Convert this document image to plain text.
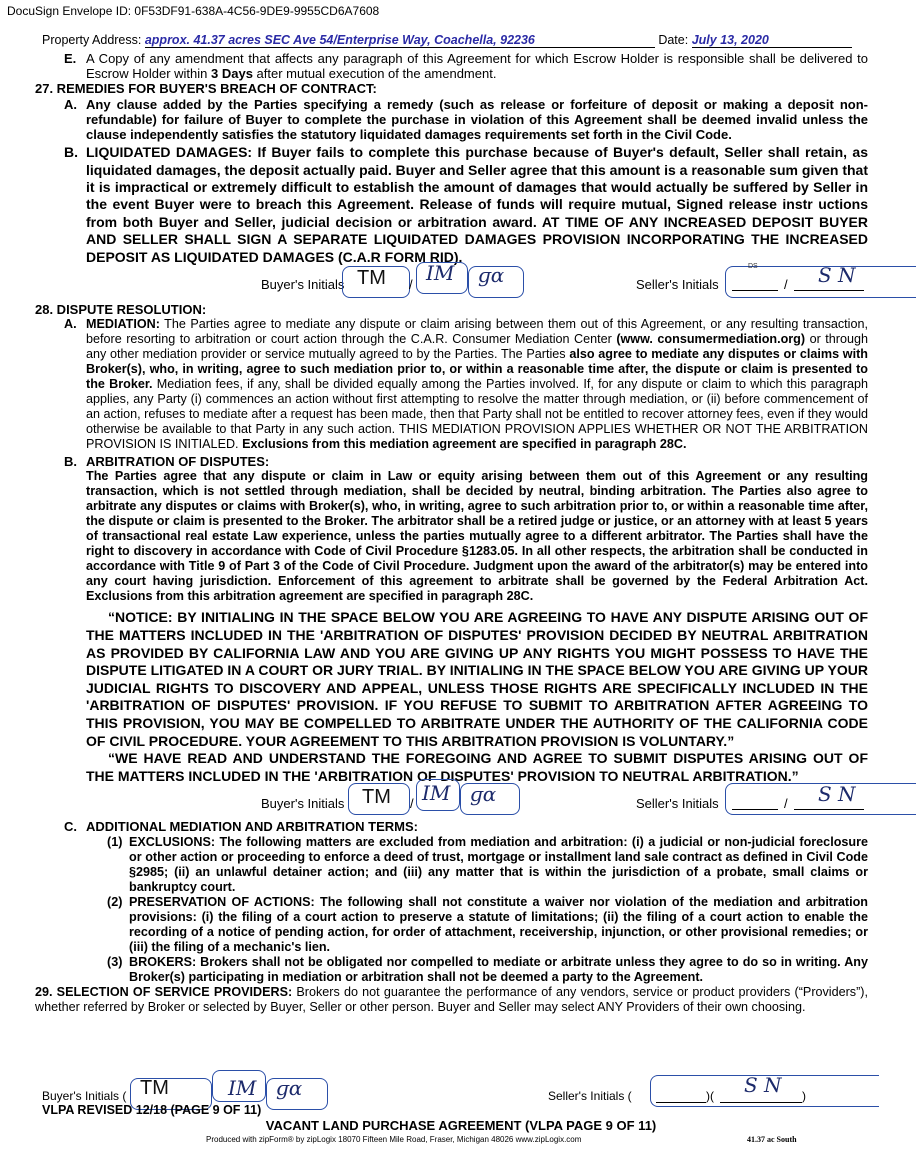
DocuSign Envelope ID: 0F53DF91-638A-4C56-9DE9-9955CD6A7608
Property Address: approx. 41.37 acres SEC Ave 54/Enterprise Way, Coachella, 92236	Date: July 13, 2020

E. A Copy of any amendment that affects any paragraph of this Agreement for which Escrow Holder is responsible shall be delivered to Escrow Holder within 3 Days after mutual execution of the amendment.

27. REMEDIES FOR BUYER'S BREACH OF CONTRACT:

A. Any clause added by the Parties specifying a remedy (such as release or forfeiture of deposit or making a deposit non-refundable) for failure of Buyer to complete the purchase in violation of this Agreement shall be deemed invalid unless the clause independently satisfies the statutory liquidated damages requirements set forth in the Civil Code.

B. LIQUIDATED DAMAGES: If Buyer fails to complete this purchase because of Buyer's default, Seller shall retain, as liquidated damages, the deposit actually paid. Buyer and Seller agree that this amount is a reasonable sum given that it is impractical or extremely difficult to establish the amount of damages that would actually be suffered by Seller in the event Buyer were to breach this Agreement. Release of funds will require mutual, Signed release instr uctions from both Buyer and Seller, judicial decision or arbitration award. AT TIME OF ANY INCREASED DEPOSIT BUYER AND SELLER SHALL SIGN A SEPARATE LIQUIDATED DAMAGES PROVISION INCORPORATING THE INCREASED DEPOSIT AS LIQUIDATED DAMAGES (C.A.R FORM RID).

Buyer's Initials TM / IM ɡɑ	Seller's Initials
DS
/ S N

28. DISPUTE RESOLUTION:

A. MEDIATION: The Parties agree to mediate any dispute or claim arising between them out of this Agreement, or any resulting transaction, before resorting to arbitration or court action through the C.A.R. Consumer Mediation Center (www. consumermediation.org) or through any other mediation provider or service mutually agreed to by the Parties. The Parties also agree to mediate any disputes or claims with Broker(s), who, in writing, agree to such mediation prior to, or within a reasonable time after, the dispute or claim is presented to the Broker. Mediation fees, if any, shall be divided equally among the Parties involved. If, for any dispute or claim to which this paragraph applies, any Party (i) commences an action without first attempting to resolve the matter through mediation, or (ii) before commencement of an action, refuses to mediate after a request has been made, then that Party shall not be entitled to recover attorney fees, even if they would otherwise be available to that Party in any such action. THIS MEDIATION PROVISION APPLIES WHETHER OR NOT THE ARBITRATION PROVISION IS INITIALED. Exclusions from this mediation agreement are specified in paragraph 28C.

B. ARBITRATION OF DISPUTES:

The Parties agree that any dispute or claim in Law or equity arising between them out of this Agreement or any resulting transaction, which is not settled through mediation, shall be decided by neutral, binding arbitration. The Parties also agree to arbitrate any disputes or claims with Broker(s), who, in writing, agree to such arbitration prior to, or within a reasonable time after, the dispute or claim is presented to the Broker. The arbitrator shall be a retired judge or justice, or an attorney with at least 5 years of transactional real estate Law experience, unless the parties mutually agree to a different arbitrator. The Parties shall have the right to discovery in accordance with Code of Civil Procedure §1283.05. In all other respects, the arbitration shall be conducted in accordance with Title 9 of Part 3 of the Code of Civil Procedure. Judgment upon the award of the arbitrator(s) may be entered into any court having jurisdiction. Enforcement of this agreement to arbitrate shall be governed by the Federal Arbitration Act. Exclusions from this arbitration agreement are specified in paragraph 28C.

“NOTICE: BY INITIALING IN THE SPACE BELOW YOU ARE AGREEING TO HAVE ANY DISPUTE ARISING OUT OF THE MATTERS INCLUDED IN THE 'ARBITRATION OF DISPUTES' PROVISION DECIDED BY NEUTRAL ARBITRATION AS PROVIDED BY CALIFORNIA LAW AND YOU ARE GIVING UP ANY RIGHTS YOU MIGHT POSSESS TO HAVE THE DISPUTE LITIGATED IN A COURT OR JURY TRIAL. BY INITIALING IN THE SPACE BELOW YOU ARE GIVING UP YOUR JUDICIAL RIGHTS TO DISCOVERY AND APPEAL, UNLESS THOSE RIGHTS ARE SPECIFICALLY INCLUDED IN THE 'ARBITRATION OF DISPUTES' PROVISION. IF YOU REFUSE TO SUBMIT TO ARBITRATION AFTER AGREEING TO THIS PROVISION, YOU MAY BE COMPELLED TO ARBITRATE UNDER THE AUTHORITY OF THE CALIFORNIA CODE OF CIVIL PROCEDURE. YOUR AGREEMENT TO THIS ARBITRATION PROVISION IS VOLUNTARY.”

“WE HAVE READ AND UNDERSTAND THE FOREGOING AND AGREE TO SUBMIT DISPUTES ARISING OUT OF THE MATTERS INCLUDED IN THE 'ARBITRATION OF DISPUTES' PROVISION TO NEUTRAL ARBITRATION.”

Buyer's Initials TM / IM ɡɑ	Seller's Initials	/ S N

C. ADDITIONAL MEDIATION AND ARBITRATION TERMS:

(1) EXCLUSIONS: The following matters are excluded from mediation and arbitration: (i) a judicial or non-judicial foreclosure or other action or proceeding to enforce a deed of trust, mortgage or installment land sale contract as defined in Civil Code §2985; (ii) an unlawful detainer action; and (iii) any matter that is within the jurisdiction of a probate, small claims or bankruptcy court.

(2) PRESERVATION OF ACTIONS: The following shall not constitute a waiver nor violation of the mediation and arbitration provisions: (i) the filing of a court action to preserve a statute of limitations; (ii) the filing of a court action to enable the recording of a notice of pending action, for order of attachment, receivership, injunction, or other provisional remedies; or (iii) the filing of a mechanic's lien.

(3) BROKERS: Brokers shall not be obligated nor compelled to mediate or arbitrate unless they agree to do so in writing. Any Broker(s) participating in mediation or arbitration shall not be deemed a party to the Agreement.

29. SELECTION OF SERVICE PROVIDERS: Brokers do not guarantee the performance of any vendors, service or product providers (“Providers”), whether referred by Broker or selected by Buyer, Seller or other person. Buyer and Seller may select ANY Providers of their own choosing.

Buyer's Initials ( TM	IM ɡɑ	Seller's Initials (	)( S N )
VLPA REVISED 12/18 (PAGE 9 OF 11)
VACANT LAND PURCHASE AGREEMENT (VLPA PAGE 9 OF 11)
Produced with zipForm® by zipLogix 18070 Fifteen Mile Road, Fraser, Michigan 48026 www.zipLogix.com	41.37 ac South
